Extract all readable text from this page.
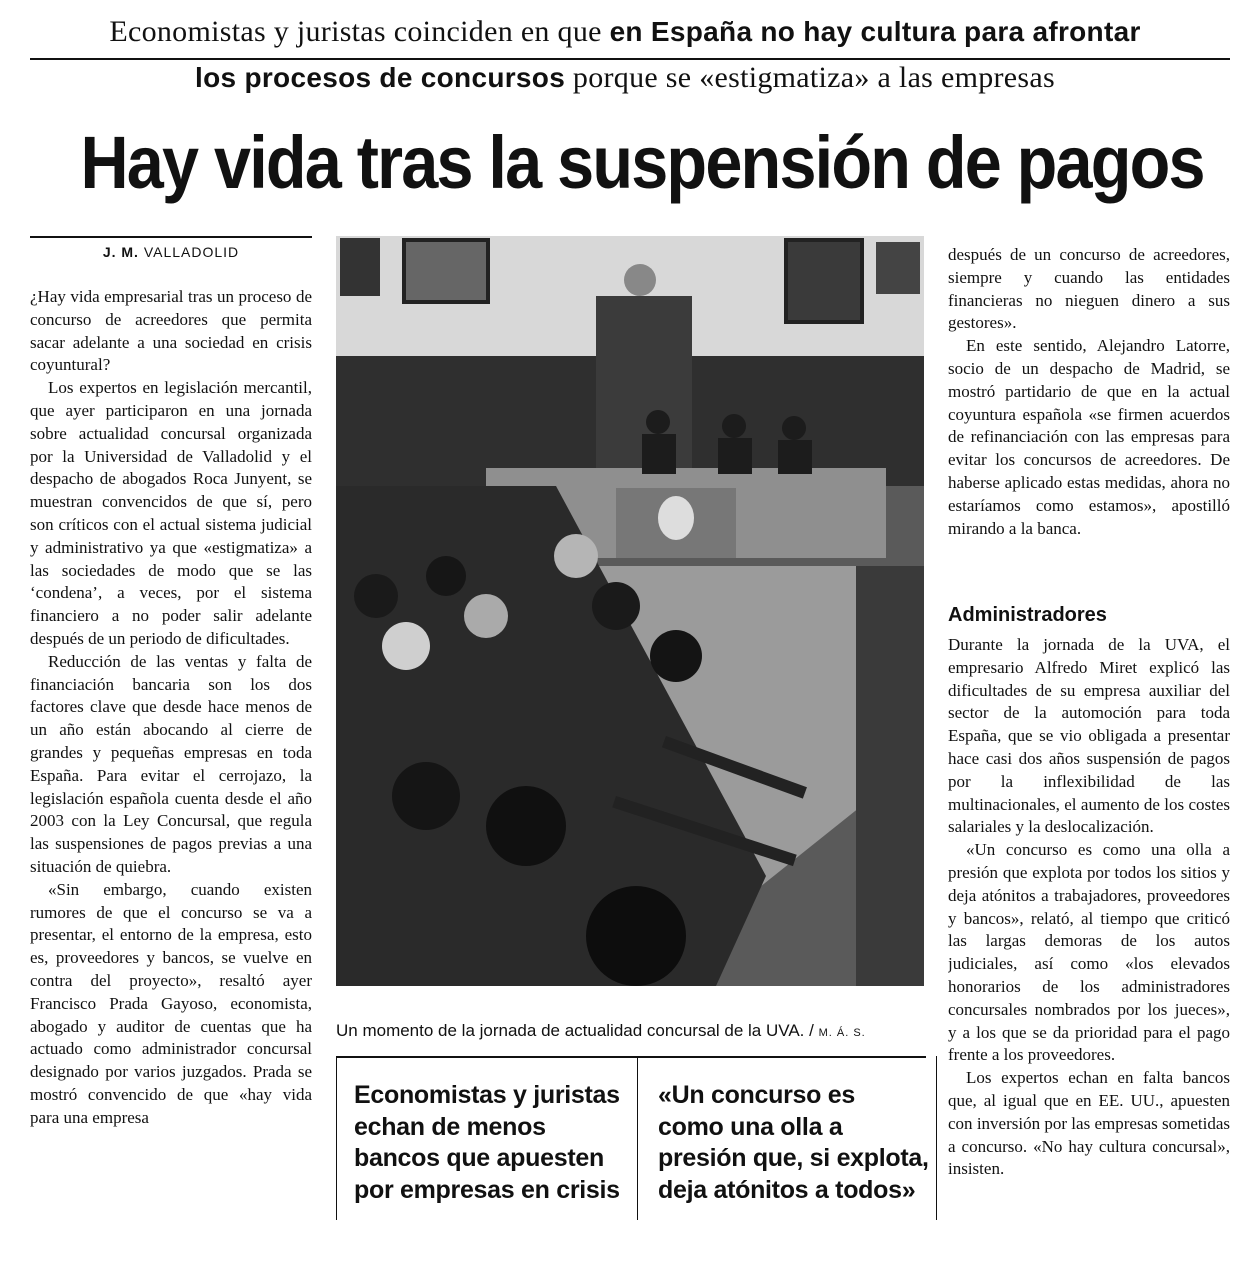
Economistas y juristas coinciden en que en España no hay cultura para afrontar
los procesos de concursos porque se «estigmatiza» a las empresas
Hay vida tras la suspensión de pagos
J. M. VALLADOLID

¿Hay vida empresarial tras un proceso de concurso de acreedores que permita sacar adelante a una sociedad en crisis coyuntural?

Los expertos en legislación mercantil, que ayer participaron en una jornada sobre actualidad concursal organizada por la Universidad de Valladolid y el despacho de abogados Roca Junyent, se muestran convencidos de que sí, pero son críticos con el actual sistema judicial y administrativo ya que «estigmatiza» a las sociedades de modo que se las ‘condena’, a veces, por el sistema financiero a no poder salir adelante después de un periodo de dificultades.

Reducción de las ventas y falta de financiación bancaria son los dos factores clave que desde hace menos de un año están abocando al cierre de grandes y pequeñas empresas en toda España. Para evitar el cerrojazo, la legislación española cuenta desde el año 2003 con la Ley Concursal, que regula las suspensiones de pagos previas a una situación de quiebra.

«Sin embargo, cuando existen rumores de que el concurso se va a presentar, el entorno de la empresa, esto es, proveedores y bancos, se vuelve en contra del proyecto», resaltó ayer Francisco Prada Gayoso, economista, abogado y auditor de cuentas que ha actuado como administrador concursal designado por varios juzgados. Prada se mostró convencido de que «hay vida para una empresa

Un momento de la jornada de actualidad concursal de la UVA. / M. Á. S.
Economistas y juristas
echan de menos
bancos que apuesten
por empresas en crisis
«Un concurso es
como una olla a
presión que, si explota,
deja atónitos a todos»

después de un concurso de acreedores, siempre y cuando las entidades financieras no nieguen dinero a sus gestores».

En este sentido, Alejandro Latorre, socio de un despacho de Madrid, se mostró partidario de que en la actual coyuntura española «se firmen acuerdos de refinanciación con las empresas para evitar los concursos de acreedores. De haberse aplicado estas medidas, ahora no estaríamos como estamos», apostilló mirando a la banca.

Administradores

Durante la jornada de la UVA, el empresario Alfredo Miret explicó las dificultades de su empresa auxiliar del sector de la automoción para toda España, que se vio obligada a presentar hace casi dos años suspensión de pagos por la inflexibilidad de las multinacionales, el aumento de los costes salariales y la deslocalización.

«Un concurso es como una olla a presión que explota por todos los sitios y deja atónitos a trabajadores, proveedores y bancos», relató, al tiempo que criticó las largas demoras de los autos judiciales, así como «los elevados honorarios de los administradores concursales nombrados por los jueces», y a los que se da prioridad para el pago frente a los proveedores.

Los expertos echan en falta bancos que, al igual que en EE. UU., apuesten con inversión por las empresas sometidas a concurso. «No hay cultura concursal», insisten.
